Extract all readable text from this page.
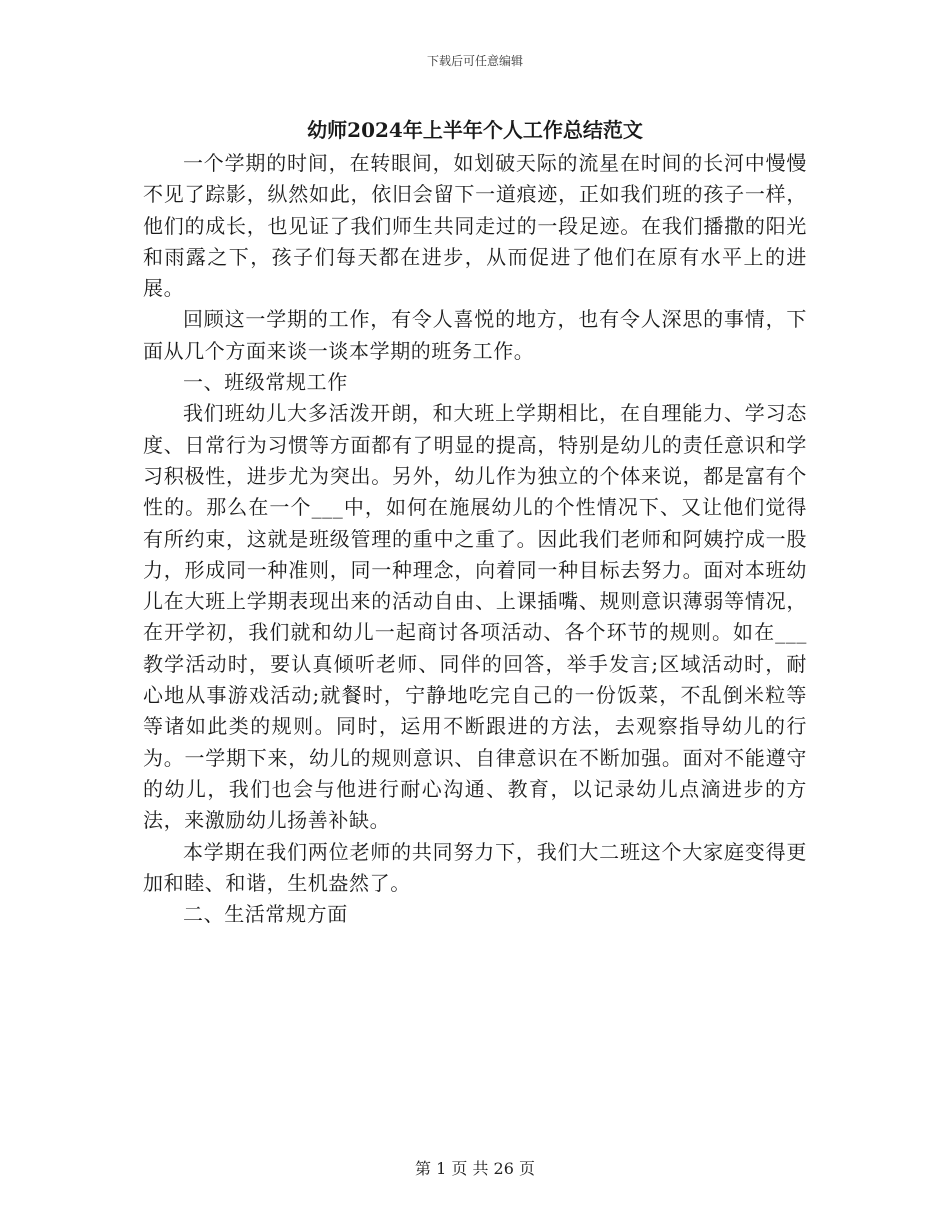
下载后可任意编辑
幼师2024年上半年个人工作总结范文

一个学期的时间，在转眼间，如划破天际的流星在时间的长河中慢慢不见了踪影，纵然如此，依旧会留下一道痕迹，正如我们班的孩子一样，他们的成长，也见证了我们师生共同走过的一段足迹。在我们播撒的阳光和雨露之下，孩子们每天都在进步，从而促进了他们在原有水平上的进展。

回顾这一学期的工作，有令人喜悦的地方，也有令人深思的事情，下面从几个方面来谈一谈本学期的班务工作。

一、班级常规工作

我们班幼儿大多活泼开朗，和大班上学期相比，在自理能力、学习态度、日常行为习惯等方面都有了明显的提高，特别是幼儿的责任意识和学习积极性，进步尤为突出。另外，幼儿作为独立的个体来说，都是富有个性的。那么在一个___中，如何在施展幼儿的个性情况下、又让他们觉得有所约束，这就是班级管理的重中之重了。因此我们老师和阿姨拧成一股力，形成同一种准则，同一种理念，向着同一种目标去努力。面对本班幼儿在大班上学期表现出来的活动自由、上课插嘴、规则意识薄弱等情况，在开学初，我们就和幼儿一起商讨各项活动、各个环节的规则。如在___教学活动时，要认真倾听老师、同伴的回答，举手发言;区域活动时，耐心地从事游戏活动;就餐时，宁静地吃完自己的一份饭菜，不乱倒米粒等等诸如此类的规则。同时，运用不断跟进的方法，去观察指导幼儿的行为。一学期下来，幼儿的规则意识、自律意识在不断加强。面对不能遵守的幼儿，我们也会与他进行耐心沟通、教育，以记录幼儿点滴进步的方法，来激励幼儿扬善补缺。

本学期在我们两位老师的共同努力下，我们大二班这个大家庭变得更加和睦、和谐，生机盎然了。

二、生活常规方面

第 1 页 共 26 页
